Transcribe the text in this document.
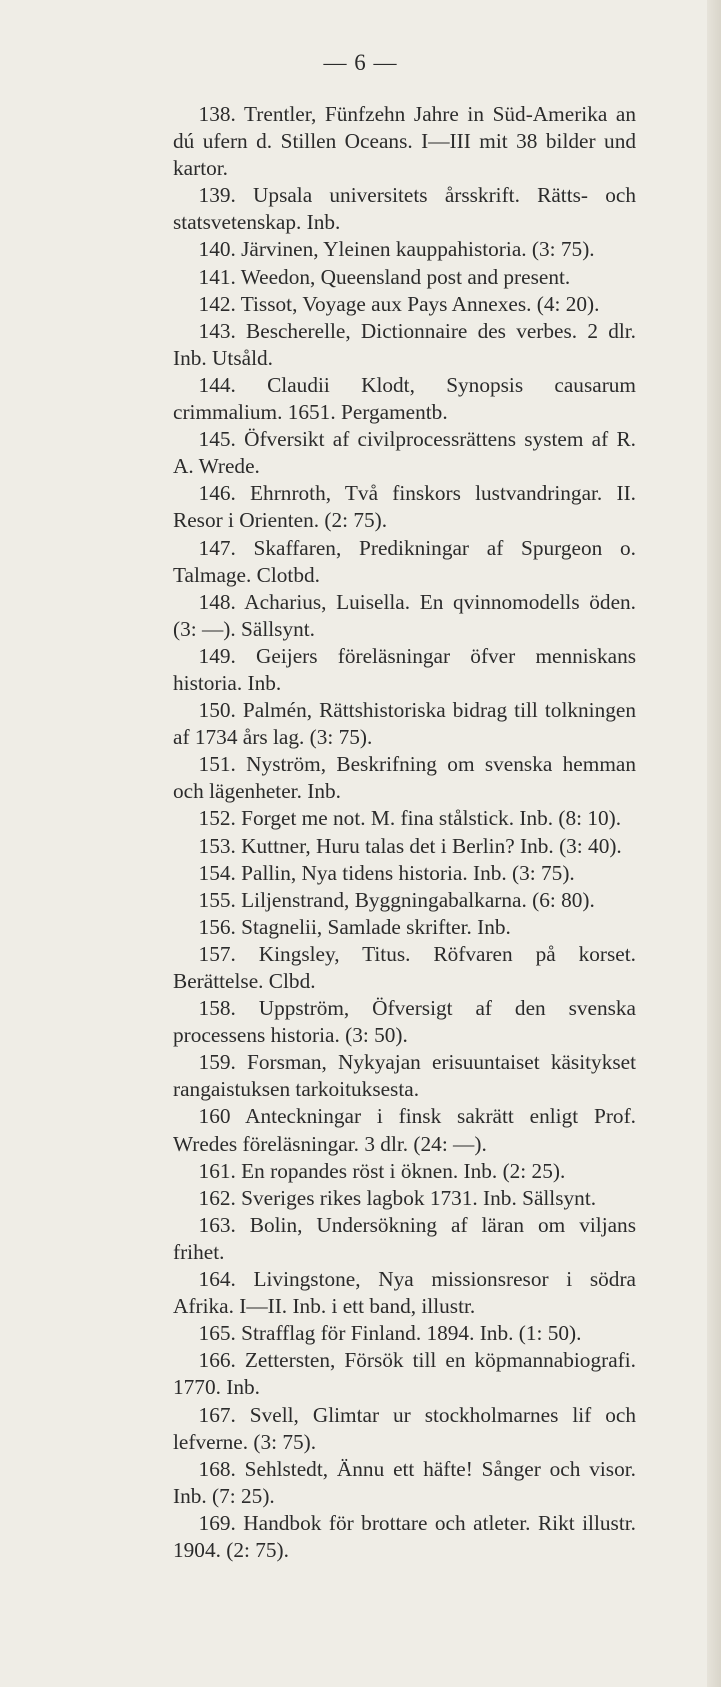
— 6 —
138. Trentler, Fünfzehn Jahre in Süd-Amerika an dú ufern d. Stillen Oceans. I—III mit 38 bilder und kartor.
139. Upsala universitets årsskrift. Rätts- och statsvetenskap. Inb.
140. Järvinen, Yleinen kauppahistoria. (3: 75).
141. Weedon, Queensland post and present.
142. Tissot, Voyage aux Pays Annexes. (4: 20).
143. Bescherelle, Dictionnaire des verbes. 2 dlr. Inb. Utsåld.
144. Claudii Klodt, Synopsis causarum crimmalium. 1651. Pergamentb.
145. Öfversikt af civilprocessrättens system af R. A. Wrede.
146. Ehrnroth, Två finskors lustvandringar. II. Resor i Orienten. (2: 75).
147. Skaffaren, Predikningar af Spurgeon o. Talmage. Clotbd.
148. Acharius, Luisella. En qvinnomodells öden. (3: —). Sällsynt.
149. Geijers föreläsningar öfver menniskans historia. Inb.
150. Palmén, Rättshistoriska bidrag till tolkningen af 1734 års lag. (3: 75).
151. Nyström, Beskrifning om svenska hemman och lägenheter. Inb.
152. Forget me not. M. fina stålstick. Inb. (8: 10).
153. Kuttner, Huru talas det i Berlin? Inb. (3: 40).
154. Pallin, Nya tidens historia. Inb. (3: 75).
155. Liljenstrand, Byggningabalkarna. (6: 80).
156. Stagnelii, Samlade skrifter. Inb.
157. Kingsley, Titus. Röfvaren på korset. Berättelse. Clbd.
158. Uppström, Öfversigt af den svenska processens historia. (3: 50).
159. Forsman, Nykyajan erisuuntaiset käsitykset rangaistuksen tarkoituksesta.
160 Anteckningar i finsk sakrätt enligt Prof. Wredes föreläsningar. 3 dlr. (24: —).
161. En ropandes röst i öknen. Inb. (2: 25).
162. Sveriges rikes lagbok 1731. Inb. Sällsynt.
163. Bolin, Undersökning af läran om viljans frihet.
164. Livingstone, Nya missionsresor i södra Afrika. I—II. Inb. i ett band, illustr.
165. Strafflag för Finland. 1894. Inb. (1: 50).
166. Zettersten, Försök till en köpmannabiografi. 1770. Inb.
167. Svell, Glimtar ur stockholmarnes lif och lefverne. (3: 75).
168. Sehlstedt, Ännu ett häfte! Sånger och visor. Inb. (7: 25).
169. Handbok för brottare och atleter. Rikt illustr. 1904. (2: 75).
